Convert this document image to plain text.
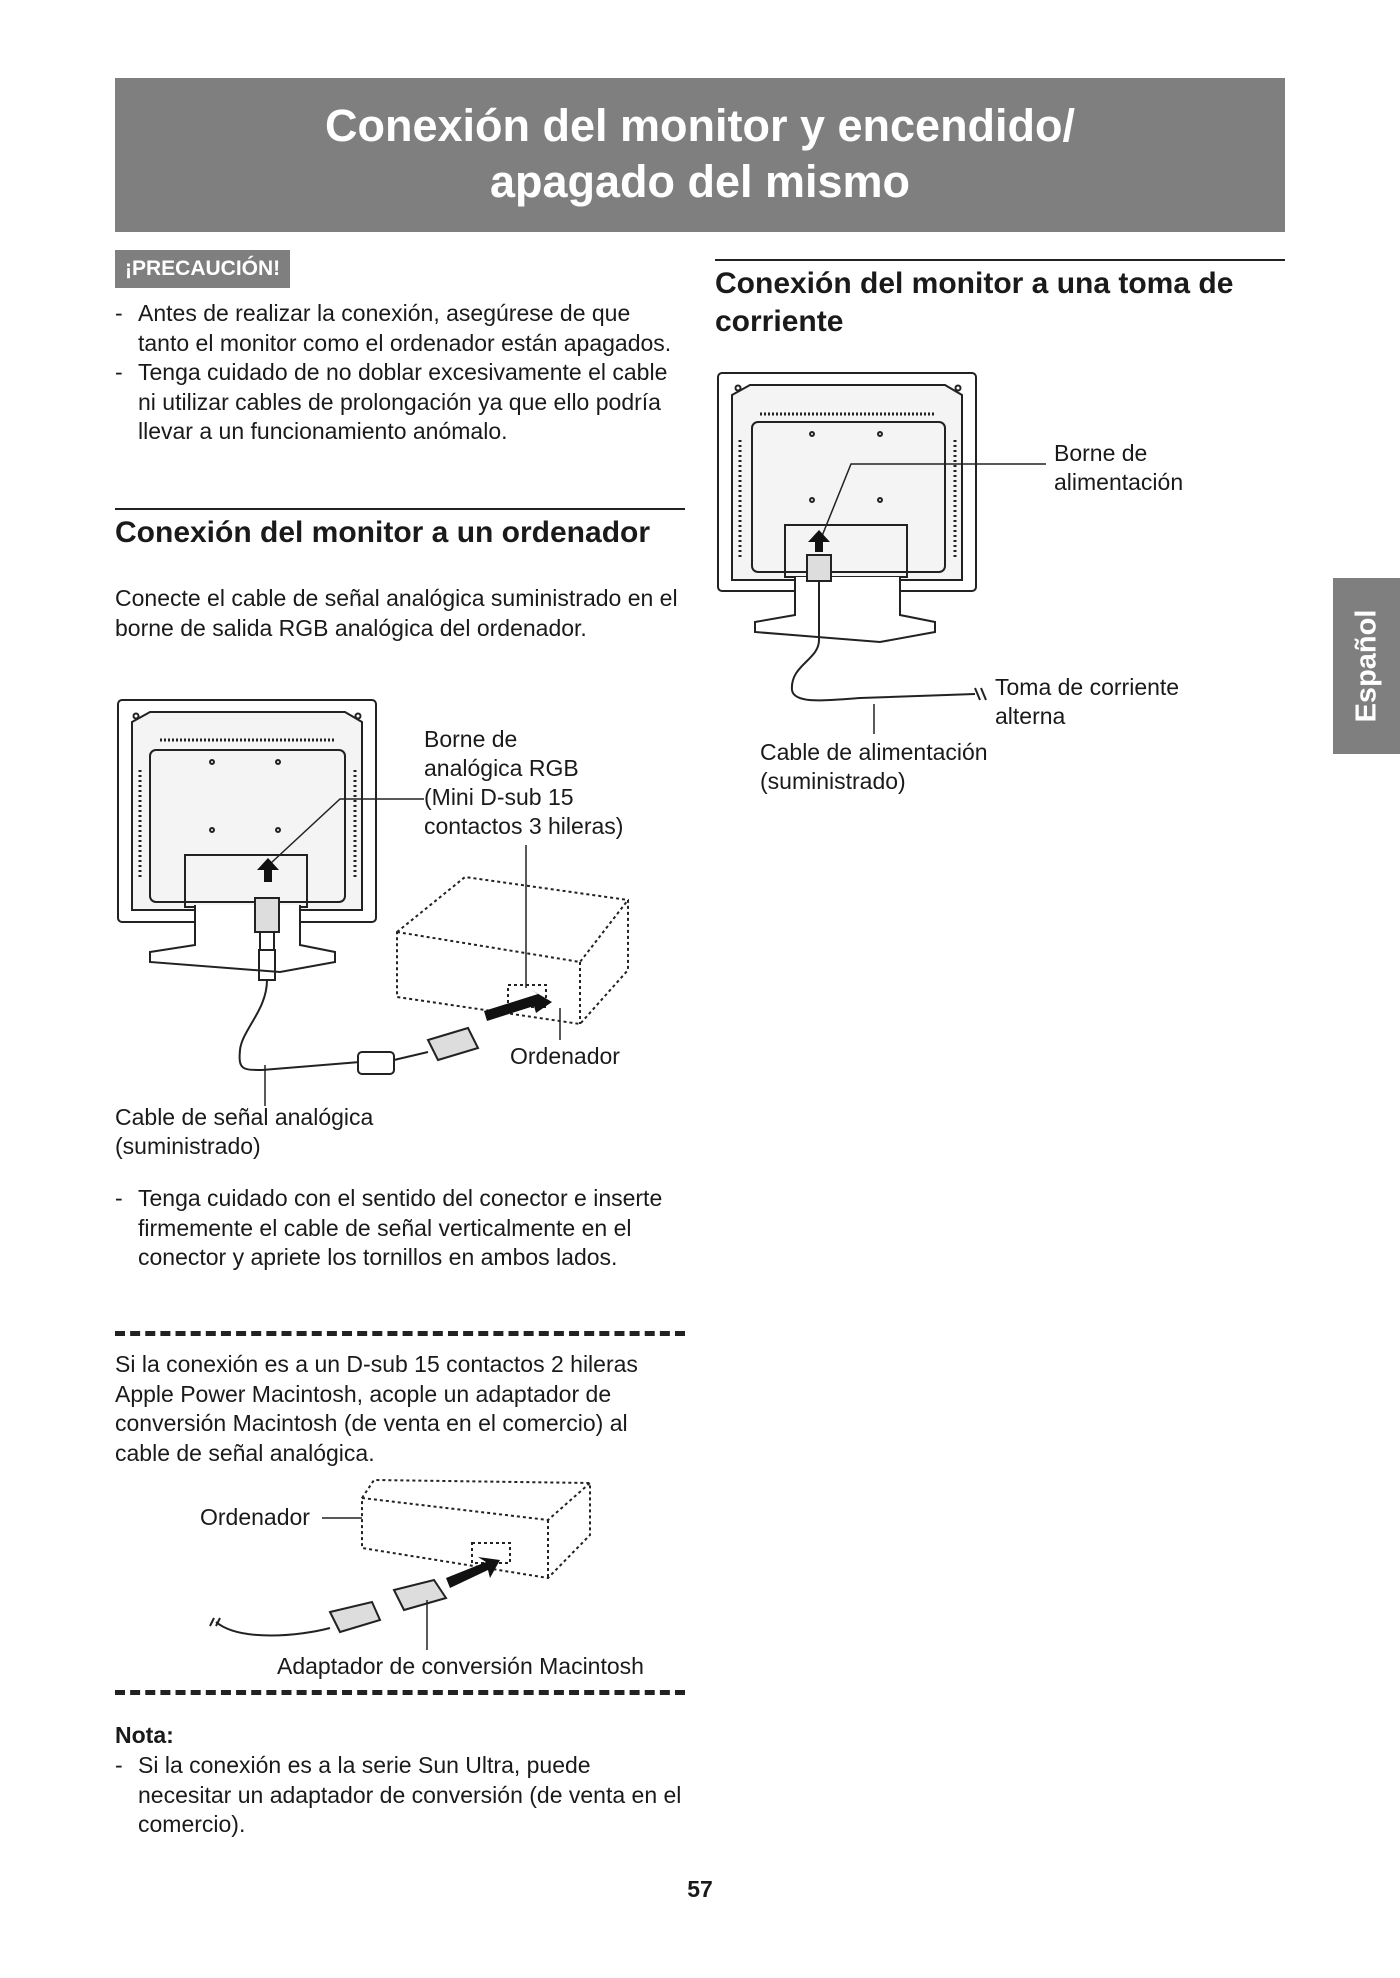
Conexión del monitor y encendido/
apagado del mismo
¡PRECAUCIÓN!
- Antes de realizar la conexión, asegúrese de que tanto el monitor como el ordenador están apagados.
- Tenga cuidado de no doblar excesivamente el cable ni utilizar cables de prolongación ya que ello podría llevar a un funcionamiento anómalo.
Conexión del monitor a un ordenador

Conecte el cable de señal analógica suministrado en el borne de salida RGB analógica del ordenador.

Borne de
analógica RGB
(Mini D-sub 15
contactos 3 hileras)
Ordenador
Cable de señal analógica
(suministrado)
- Tenga cuidado con el sentido del conector e inserte firmemente el cable de señal verticalmente en el conector y apriete los tornillos en ambos lados.

Si la conexión es a un D-sub 15 contactos 2 hileras Apple Power Macintosh, acople un adaptador de conversión Macintosh (de venta en el comercio) al cable de señal analógica.

Ordenador
Adaptador de conversión Macintosh
Nota:
- Si la conexión es a la serie Sun Ultra, puede necesitar un adaptador de conversión (de venta en el comercio).
Conexión del monitor a una toma de corriente
Borne de
alimentación
Toma de corriente
alterna
Cable de alimentación
(suministrado)
Español
57
